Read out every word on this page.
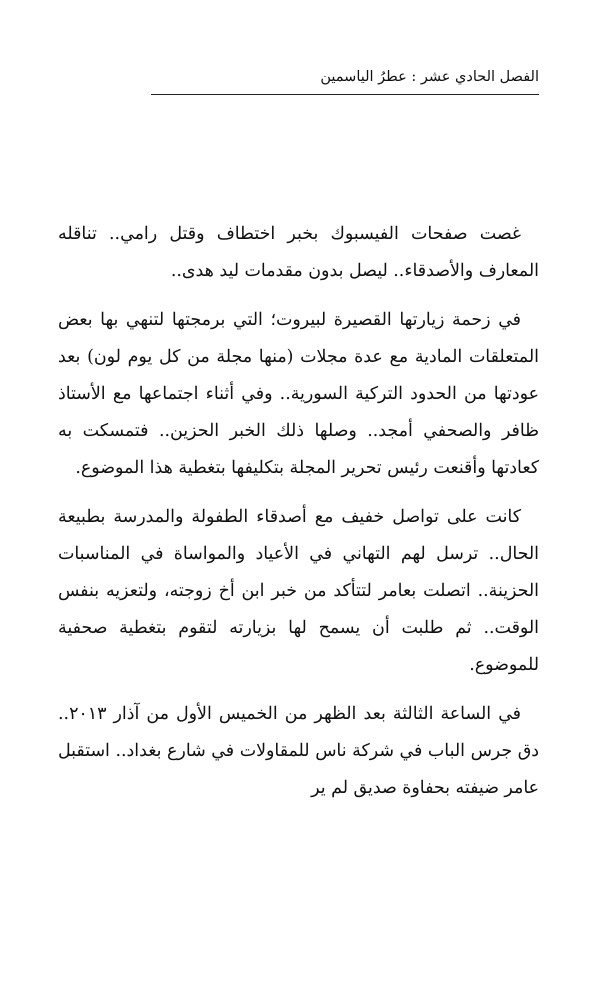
الفصل الحادي عشر : عطرُ الياسمين

غصت صفحات الفيسبوك بخبر اختطاف وقتل رامي.. تناقله المعارف والأصدقاء.. ليصل بدون مقدمات ليد هدى..

في زحمة زيارتها القصيرة لبيروت؛ التي برمجتها لتنهي بها بعض المتعلقات المادية مع عدة مجلات (منها مجلة من كل يوم لون) بعد عودتها من الحدود التركية السورية.. وفي أثناء اجتماعها مع الأستاذ ظافر والصحفي أمجد.. وصلها ذلك الخبر الحزين.. فتمسكت به كعادتها وأقنعت رئيس تحرير المجلة بتكليفها بتغطية هذا الموضوع.

كانت على تواصل خفيف مع أصدقاء الطفولة والمدرسة بطبيعة الحال.. ترسل لهم التهاني في الأعياد والمواساة في المناسبات الحزينة.. اتصلت بعامر لتتأكد من خبر ابن أخ زوجته، ولتعزيه بنفس الوقت.. ثم طلبت أن يسمح لها بزيارته لتقوم بتغطية صحفية للموضوع.

في الساعة الثالثة بعد الظهر من الخميس الأول من آذار ٢٠١٣.. دق جرس الباب في شركة ناس للمقاولات في شارع بغداد.. استقبل عامر ضيفته بحفاوة صديق لم ير
